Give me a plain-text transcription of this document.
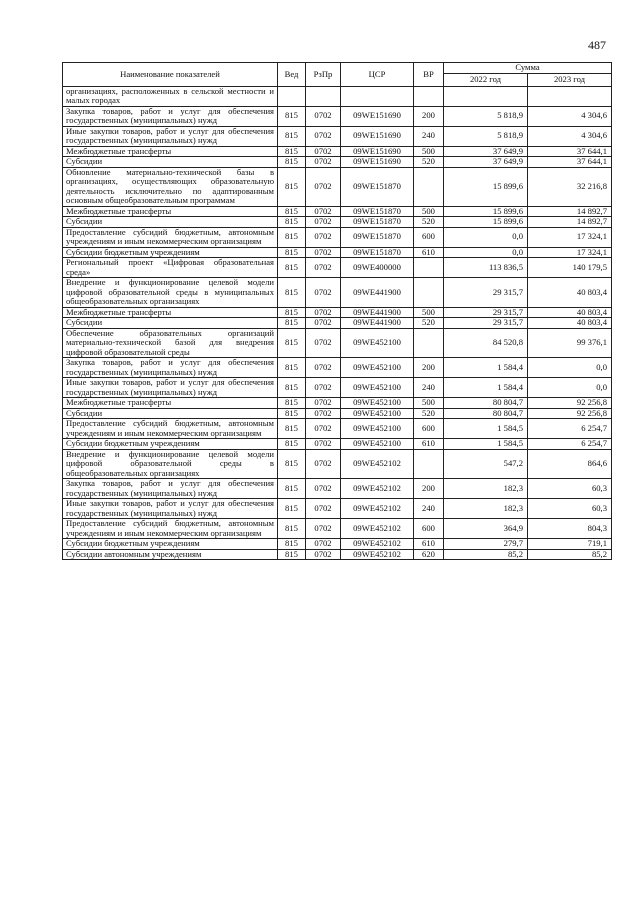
487
Наименование показателей	Вед	РзПр	ЦСР	ВР	Сумма	
					2022 год	2023 год
организациях, расположенных в сельской местности и малых городах						
Закупка товаров, работ и услуг для обеспечения государственных (муниципальных) нужд	815	0702	09WE151690	200	5 818,9	4 304,6
Иные закупки товаров, работ и услуг для обеспечения государственных (муниципальных) нужд	815	0702	09WE151690	240	5 818,9	4 304,6
Межбюджетные трансферты	815	0702	09WE151690	500	37 649,9	37 644,1
Субсидии	815	0702	09WE151690	520	37 649,9	37 644,1
Обновление материально-технической базы в организациях, осуществляющих образовательную деятельность исключительно по адаптированным основным общеобразовательным программам	815	0702	09WE151870		15 899,6	32 216,8
Межбюджетные трансферты	815	0702	09WE151870	500	15 899,6	14 892,7
Субсидии	815	0702	09WE151870	520	15 899,6	14 892,7
Предоставление субсидий бюджетным, автономным учреждениям и иным некоммерческим организациям	815	0702	09WE151870	600	0,0	17 324,1
Субсидии бюджетным учреждениям	815	0702	09WE151870	610	0,0	17 324,1
Региональный проект «Цифровая образовательная среда»	815	0702	09WE400000		113 836,5	140 179,5
Внедрение и функционирование целевой модели цифровой образовательной среды в муниципальных общеобразовательных организациях	815	0702	09WE441900		29 315,7	40 803,4
Межбюджетные трансферты	815	0702	09WE441900	500	29 315,7	40 803,4
Субсидии	815	0702	09WE441900	520	29 315,7	40 803,4
Обеспечение образовательных организаций материально-технической базой для внедрения цифровой образовательной среды	815	0702	09WE452100		84 520,8	99 376,1
Закупка товаров, работ и услуг для обеспечения государственных (муниципальных) нужд	815	0702	09WE452100	200	1 584,4	0,0
Иные закупки товаров, работ и услуг для обеспечения государственных (муниципальных) нужд	815	0702	09WE452100	240	1 584,4	0,0
Межбюджетные трансферты	815	0702	09WE452100	500	80 804,7	92 256,8
Субсидии	815	0702	09WE452100	520	80 804,7	92 256,8
Предоставление субсидий бюджетным, автономным учреждениям и иным некоммерческим организациям	815	0702	09WE452100	600	1 584,5	6 254,7
Субсидии бюджетным учреждениям	815	0702	09WE452100	610	1 584,5	6 254,7
Внедрение и функционирование целевой модели цифровой образовательной среды в общеобразовательных организациях	815	0702	09WE452102		547,2	864,6
Закупка товаров, работ и услуг для обеспечения государственных (муниципальных) нужд	815	0702	09WE452102	200	182,3	60,3
Иные закупки товаров, работ и услуг для обеспечения государственных (муниципальных) нужд	815	0702	09WE452102	240	182,3	60,3
Предоставление субсидий бюджетным, автономным учреждениям и иным некоммерческим организациям	815	0702	09WE452102	600	364,9	804,3
Субсидии бюджетным учреждениям	815	0702	09WE452102	610	279,7	719,1
Субсидии автономным учреждениям	815	0702	09WE452102	620	85,2	85,2
